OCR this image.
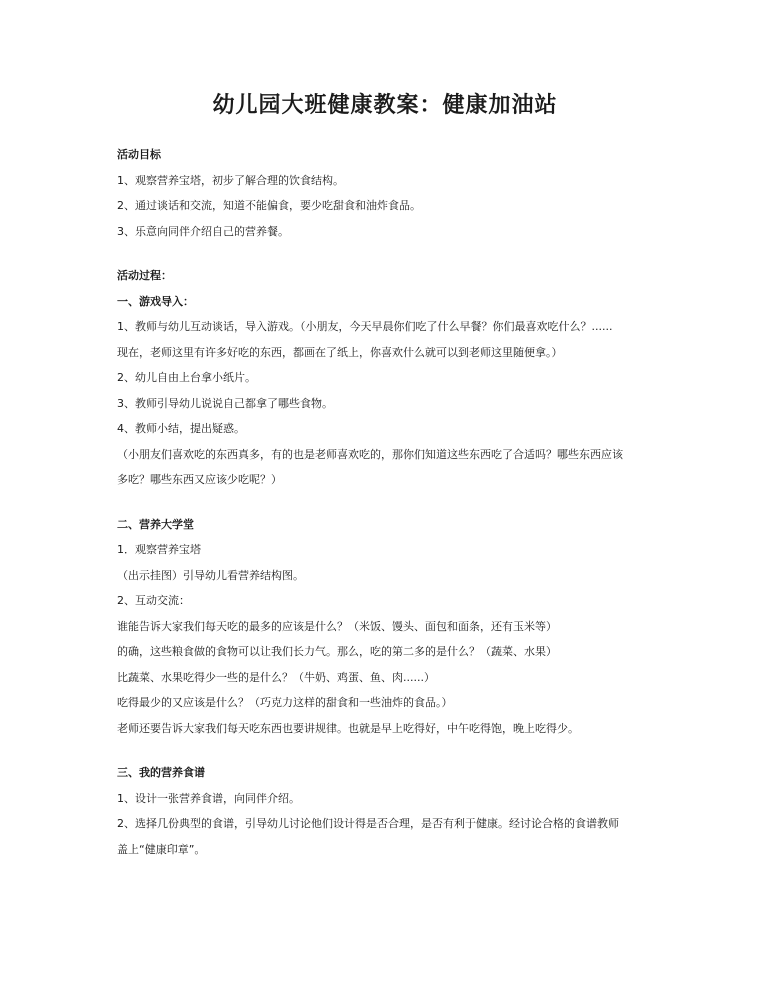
幼儿园大班健康教案：健康加油站
活动目标
1、观察营养宝塔，初步了解合理的饮食结构。
2、通过谈话和交流，知道不能偏食，要少吃甜食和油炸食品。
3、乐意向同伴介绍自己的营养餐。
活动过程：
一、游戏导入：
1、教师与幼儿互动谈话，导入游戏。（小朋友，今天早晨你们吃了什么早餐？你们最喜欢吃什么？......
现在，老师这里有许多好吃的东西，都画在了纸上，你喜欢什么就可以到老师这里随便拿。）
2、幼儿自由上台拿小纸片。
3、教师引导幼儿说说自己都拿了哪些食物。
4、教师小结，提出疑惑。
（小朋友们喜欢吃的东西真多，有的也是老师喜欢吃的，那你们知道这些东西吃了合适吗？哪些东西应该
多吃？哪些东西又应该少吃呢？）
二、营养大学堂
1．观察营养宝塔
（出示挂图）引导幼儿看营养结构图。
2、互动交流：
谁能告诉大家我们每天吃的最多的应该是什么？（米饭、馒头、面包和面条，还有玉米等）
的确，这些粮食做的食物可以让我们长力气。那么，吃的第二多的是什么？（蔬菜、水果）
比蔬菜、水果吃得少一些的是什么？（牛奶、鸡蛋、鱼、肉......）
吃得最少的又应该是什么？（巧克力这样的甜食和一些油炸的食品。）
老师还要告诉大家我们每天吃东西也要讲规律。也就是早上吃得好，中午吃得饱，晚上吃得少。
三、我的营养食谱
1、设计一张营养食谱，向同伴介绍。
2、选择几份典型的食谱，引导幼儿讨论他们设计得是否合理，是否有利于健康。经讨论合格的食谱教师
盖上“健康印章”。
